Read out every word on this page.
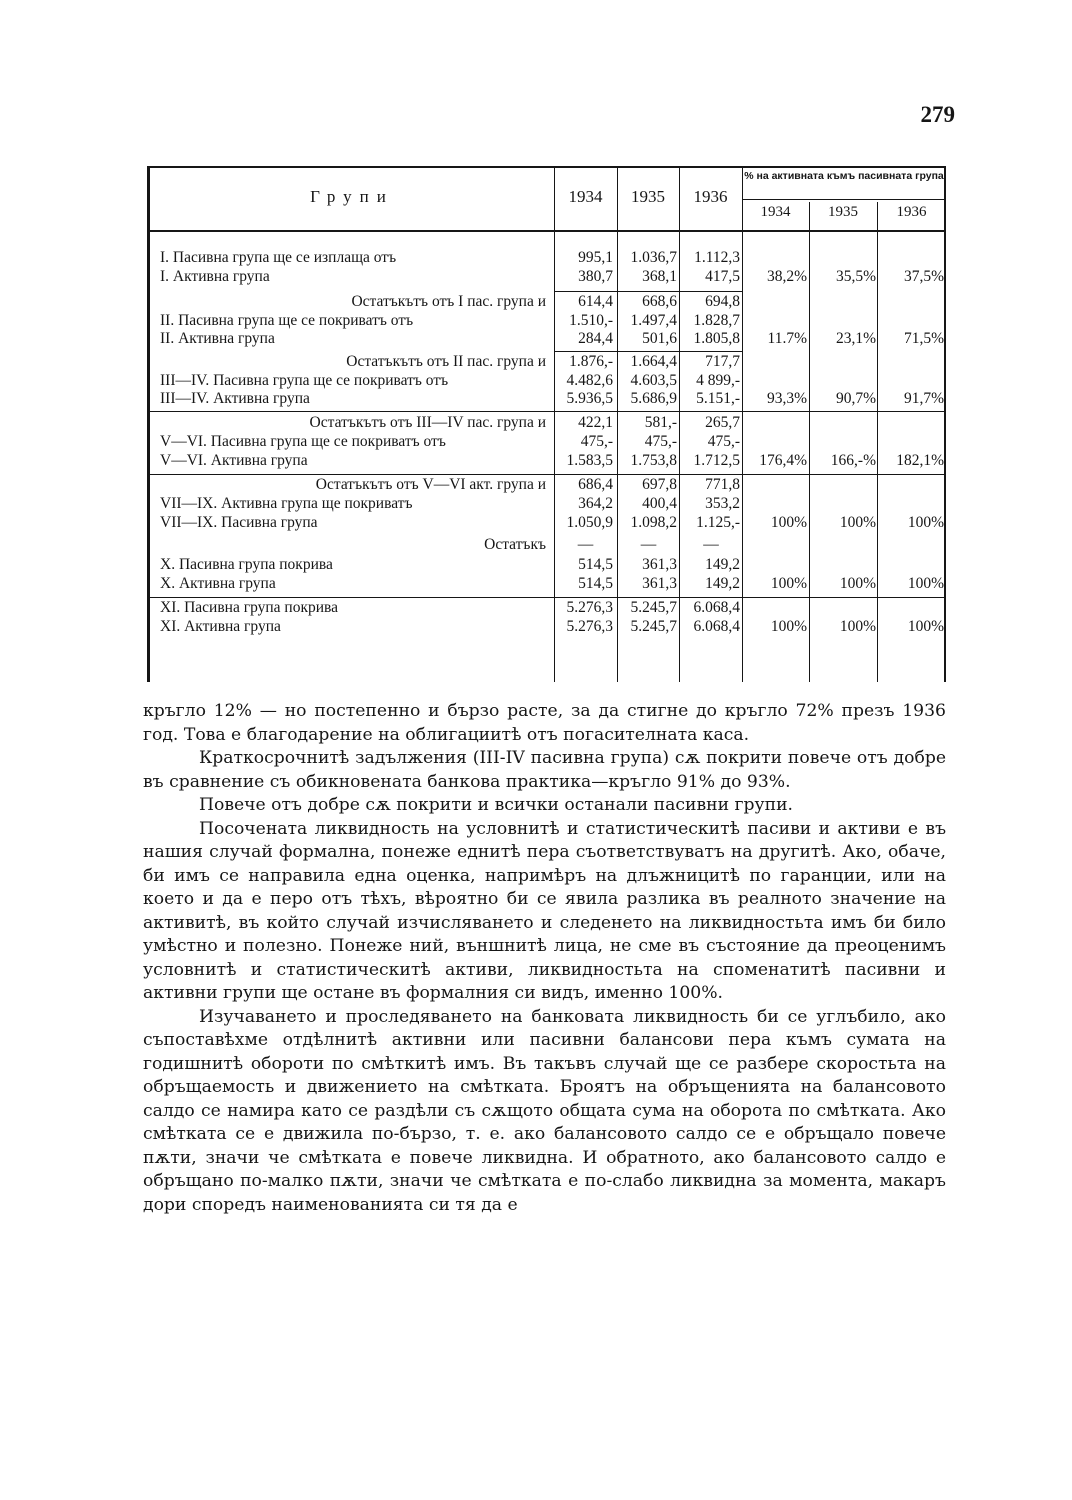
279
Групи	1934	1935	1936
% на активната къмъ пасивната група
1934	1935	1936
I. Пасивна група ще се изплаща отъ	995,1	1.036,7	1.112,3
I. Активна група	380,7	368,1	417,5	38,2%	35,5%	37,5%
Остатъкътъ отъ I пас. група и	614,4	668,6	694,8
II. Пасивна група ще се покриватъ отъ	1.510,-	1.497,4	1.828,7
II. Активна група	284,4	501,6	1.805,8	11.7%	23,1%	71,5%
Остатъкътъ отъ II пас. група и	1.876,-	1.664,4	717,7
III—IV. Пасивна група ще се покриватъ отъ	4.482,6	4.603,5	4 899,-
III—IV. Активна група	5.936,5	5.686,9	5.151,-	93,3%	90,7%	91,7%
Остатъкътъ отъ III—IV пас. група и	422,1	581,-	265,7
V—VI. Пасивна група ще се покриватъ отъ	475,-	475,-	475,-
V—VI. Активна група	1.583,5	1.753,8	1.712,5	176,4%	166,-%	182,1%
Остатъкътъ отъ V—VI акт. група и	686,4	697,8	771,8
VII—IX. Активна група ще покриватъ	364,2	400,4	353,2
VII—IX. Пасивна група	1.050,9	1.098,2	1.125,-	100%	100%	100%
Остатъкъ	—	—	—
X. Пасивна група покрива	514,5	361,3	149,2
X. Активна група	514,5	361,3	149,2	100%	100%	100%
XI. Пасивна група покрива	5.276,3	5.245,7	6.068,4
XI. Активна група	5.276,3	5.245,7	6.068,4	100%	100%	100%

кръгло 12% — но постепенно и бързо расте, за да стигне до кръгло 72% презъ 1936 год. Това е благодарение на облигациитѣ отъ погасителната каса.

Краткосрочнитѣ задължения (III-IV пасивна група) сѫ покрити повече отъ добре въ сравнение съ обикновената банкова практика—кръгло 91% до 93%.

Повече отъ добре сѫ покрити и всички останали пасивни групи.

Посочената ликвидность на условнитѣ и статистическитѣ пасиви и активи е въ нашия случай формална, понеже еднитѣ пера съответствуватъ на другитѣ. Ако, обаче, би имъ се направила една оценка, напримѣръ на длъжницитѣ по гаранции, или на което и да е перо отъ тѣхъ, вѣроятно би се явила разлика въ реалното значение на активитѣ, въ който случай изчисляването и следенето на ликвидностьта имъ би било умѣстно и полезно. Понеже ний, външнитѣ лица, не сме въ състояние да преоценимъ условнитѣ и статистическитѣ активи, ликвидностьта на споменатитѣ пасивни и активни групи ще остане въ формалния си видъ, именно 100%.

Изучаването и проследяването на банковата ликвидность би се углъбило, ако съпоставѣхме отдѣлнитѣ активни или пасивни балансови пера къмъ сумата на годишнитѣ обороти по смѣткитѣ имъ. Въ такъвъ случай ще се разбере скоростьта на обръщаемость и движението на смѣтката. Броятъ на обръщенията на балансовото салдо се намира като се раздѣли съ сѫщото общата сума на оборота по смѣтката. Ако смѣтката се е движила по-бързо, т. е. ако балансовото салдо се е обръщало повече пѫти, значи че смѣтката е повече ликвидна. И обратното, ако балансовото салдо е обръщано по-малко пѫти, значи че смѣтката е по-слабо ликвидна за момента, макаръ дори споредъ наименованията си тя да е
